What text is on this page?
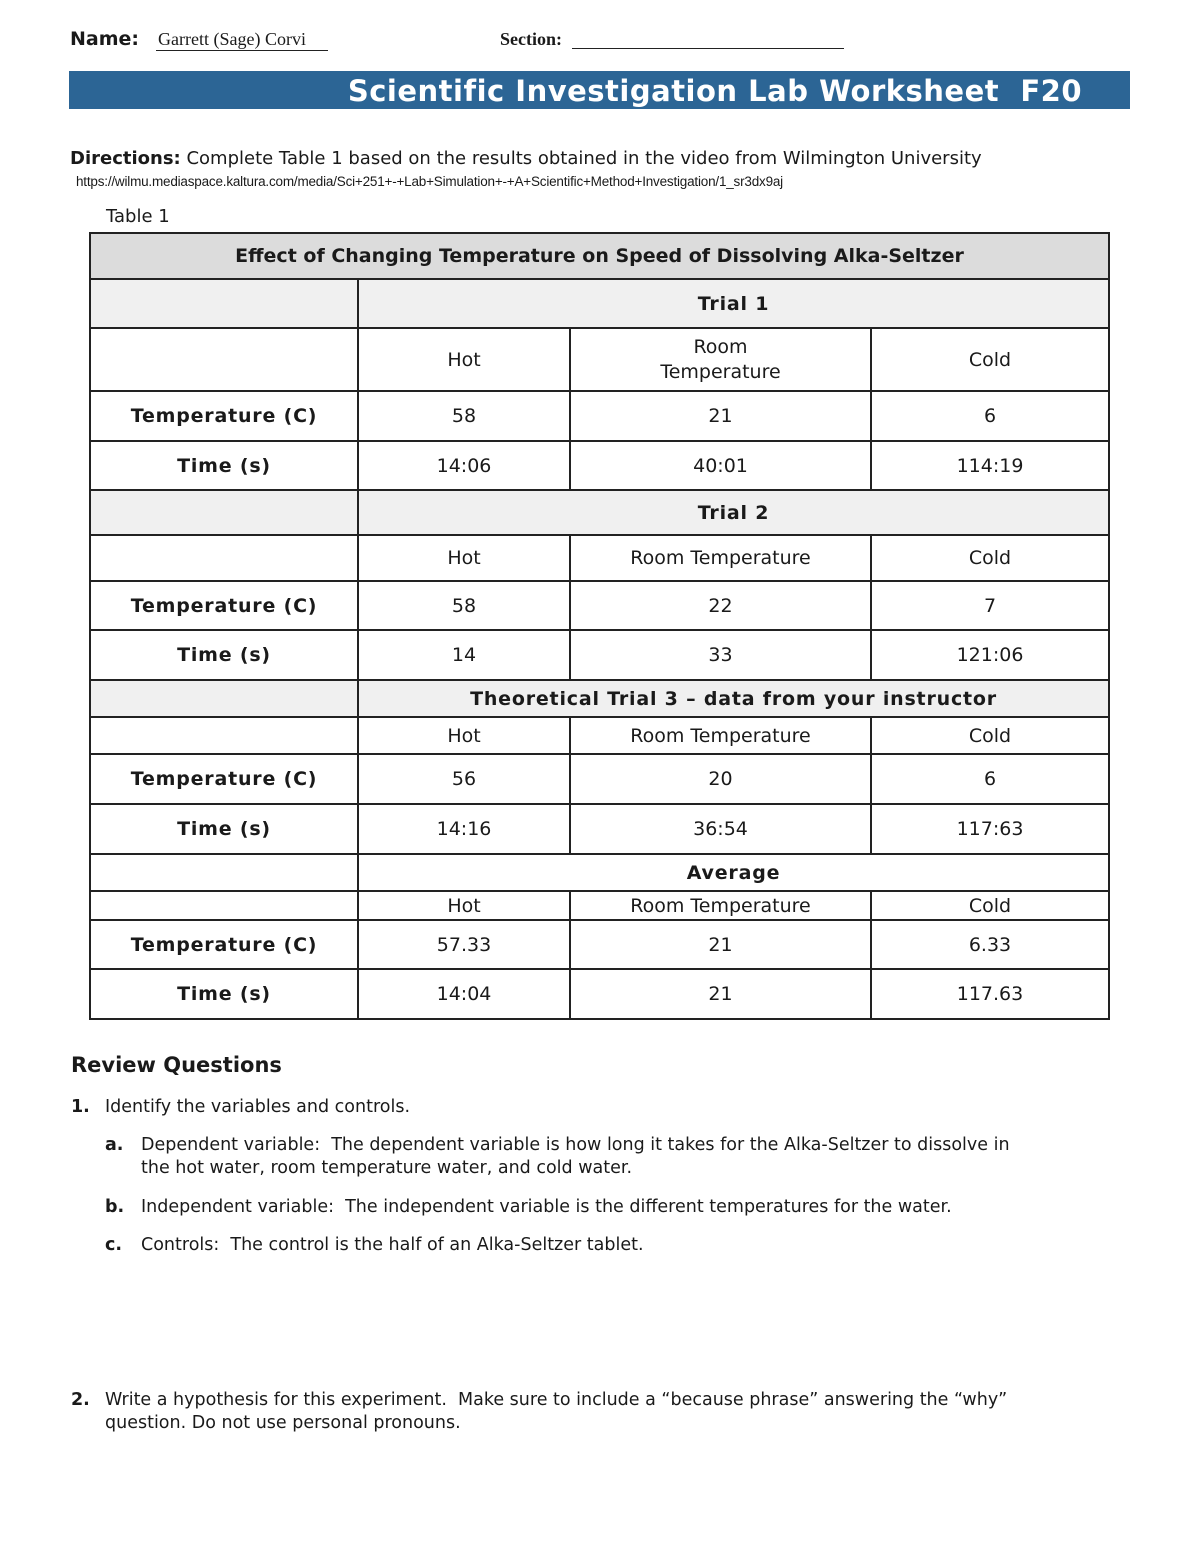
Name: Garrett (Sage) Corvi	Section:
Scientific Investigation Lab Worksheet  F20
Directions: Complete Table 1 based on the results obtained in the video from Wilmington University
https://wilmu.mediaspace.kaltura.com/media/Sci+251+-+Lab+Simulation+-+A+Scientific+Method+Investigation/1_sr3dx9aj
Table 1
Effect of Changing Temperature on Speed of Dissolving Alka-Seltzer			
	Trial 1		
	Hot	Room Temperature	Cold
Temperature (C)	58	21	6
Time (s)	14:06	40:01	114:19
	Trial 2		
	Hot	Room Temperature	Cold
Temperature (C)	58	22	7
Time (s)	14	33	121:06
	Theoretical Trial 3 – data from your instructor		
	Hot	Room Temperature	Cold
Temperature (C)	56	20	6
Time (s)	14:16	36:54	117:63
	Average		
	Hot	Room Temperature	Cold
Temperature (C)	57.33	21	6.33
Time (s)	14:04	21	117.63
Review Questions
1. Identify the variables and controls.
a. Dependent variable:  The dependent variable is how long it takes for the Alka-Seltzer to dissolve in
the hot water, room temperature water, and cold water.
b. Independent variable:  The independent variable is the different temperatures for the water.
c. Controls:  The control is the half of an Alka-Seltzer tablet.
2. Write a hypothesis for this experiment.  Make sure to include a “because phrase” answering the “why”
question. Do not use personal pronouns.
